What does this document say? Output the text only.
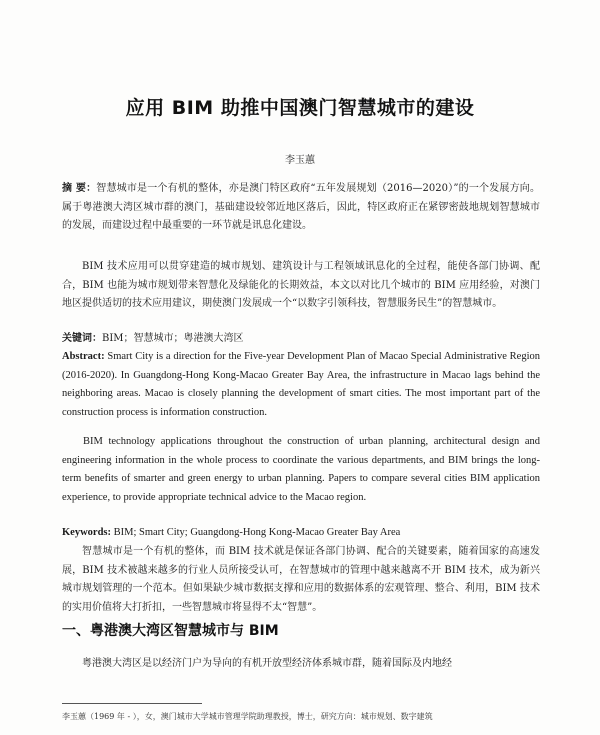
应用 BIM 助推中国澳门智慧城市的建设
李玉蕙
摘 要：智慧城市是一个有机的整体，亦是澳门特区政府“五年发展规划（2016—2020）”的一个发展方向。属于粤港澳大湾区城市群的澳门，基础建设较邻近地区落后，因此，特区政府正在紧锣密鼓地规划智慧城市的发展，而建设过程中最重要的一环节就是讯息化建设。
BIM 技术应用可以贯穿建造的城市规划、建筑设计与工程领域讯息化的全过程，能使各部门协调、配合，BIM 也能为城市规划带来智慧化及绿能化的长期效益，本文以对比几个城市的 BIM 应用经验，对澳门地区提供适切的技术应用建议，期使澳门发展成一个“以数字引领科技，智慧服务民生”的智慧城市。
关键词：BIM；智慧城市；粤港澳大湾区
Abstract: Smart City is a direction for the Five-year Development Plan of Macao Special Administrative Region (2016-2020). In Guangdong-Hong Kong-Macao Greater Bay Area, the infrastructure in Macao lags behind the neighboring areas. Macao is closely planning the development of smart cities. The most important part of the construction process is information construction.
BIM technology applications throughout the construction of urban planning, architectural design and engineering information in the whole process to coordinate the various departments, and BIM brings the long-term benefits of smarter and green energy to urban planning. Papers to compare several cities BIM application experience, to provide appropriate technical advice to the Macao region.
Keywords: BIM; Smart City; Guangdong-Hong Kong-Macao Greater Bay Area
智慧城市是一个有机的整体，而 BIM 技术就是保证各部门协调、配合的关键要素，随着国家的高速发展，BIM 技术被越来越多的行业人员所接受认可，在智慧城市的管理中越来越离不开 BIM 技术，成为新兴城市规划管理的一个范本。但如果缺少城市数据支撑和应用的数据体系的宏观管理、整合、利用，BIM 技术的实用价值将大打折扣，一些智慧城市将显得不太“智慧”。
一、粤港澳大湾区智慧城市与 BIM
粤港澳大湾区是以经济门户为导向的有机开放型经济体系城市群，随着国际及内地经
李玉蕙（1969 年 - ），女，澳门城市大学城市管理学院助理教授，博士，研究方向：城市规划、数字建筑
